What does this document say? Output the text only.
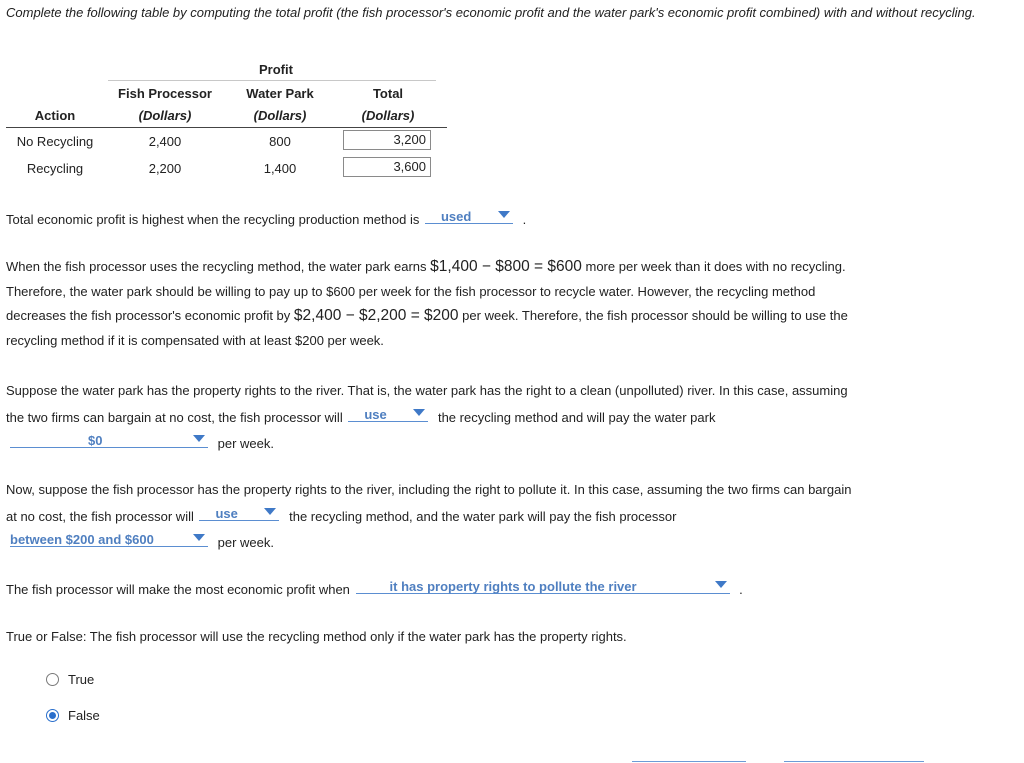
Complete the following table by computing the total profit (the fish processor's economic profit and the water park's economic profit combined) with and without recycling.
Profit
Fish Processor	Water Park	Total
Action	(Dollars)	(Dollars)	(Dollars)
No Recycling	2,400	800	3,200
Recycling	2,200	1,400	3,600
Total economic profit is highest when the recycling production method is used	.
When the fish processor uses the recycling method, the water park earns $1,400 − $800 = $600 more per week than it does with no recycling.
Therefore, the water park should be willing to pay up to $600 per week for the fish processor to recycle water. However, the recycling method
decreases the fish processor's economic profit by $2,400 − $2,200 = $200 per week. Therefore, the fish processor should be willing to use the
recycling method if it is compensated with at least $200 per week.
Suppose the water park has the property rights to the river. That is, the water park has the right to a clean (unpolluted) river. In this case, assuming
the two firms can bargain at no cost, the fish processor will use	the recycling method and will pay the water park
$0	per week.
Now, suppose the fish processor has the property rights to the river, including the right to pollute it. In this case, assuming the two firms can bargain
at no cost, the fish processor will use	the recycling method, and the water park will pay the fish processor
between $200 and $600	per week.
The fish processor will make the most economic profit when	it has property rights to pollute the river	.
True or False: The fish processor will use the recycling method only if the water park has the property rights.
True
False
